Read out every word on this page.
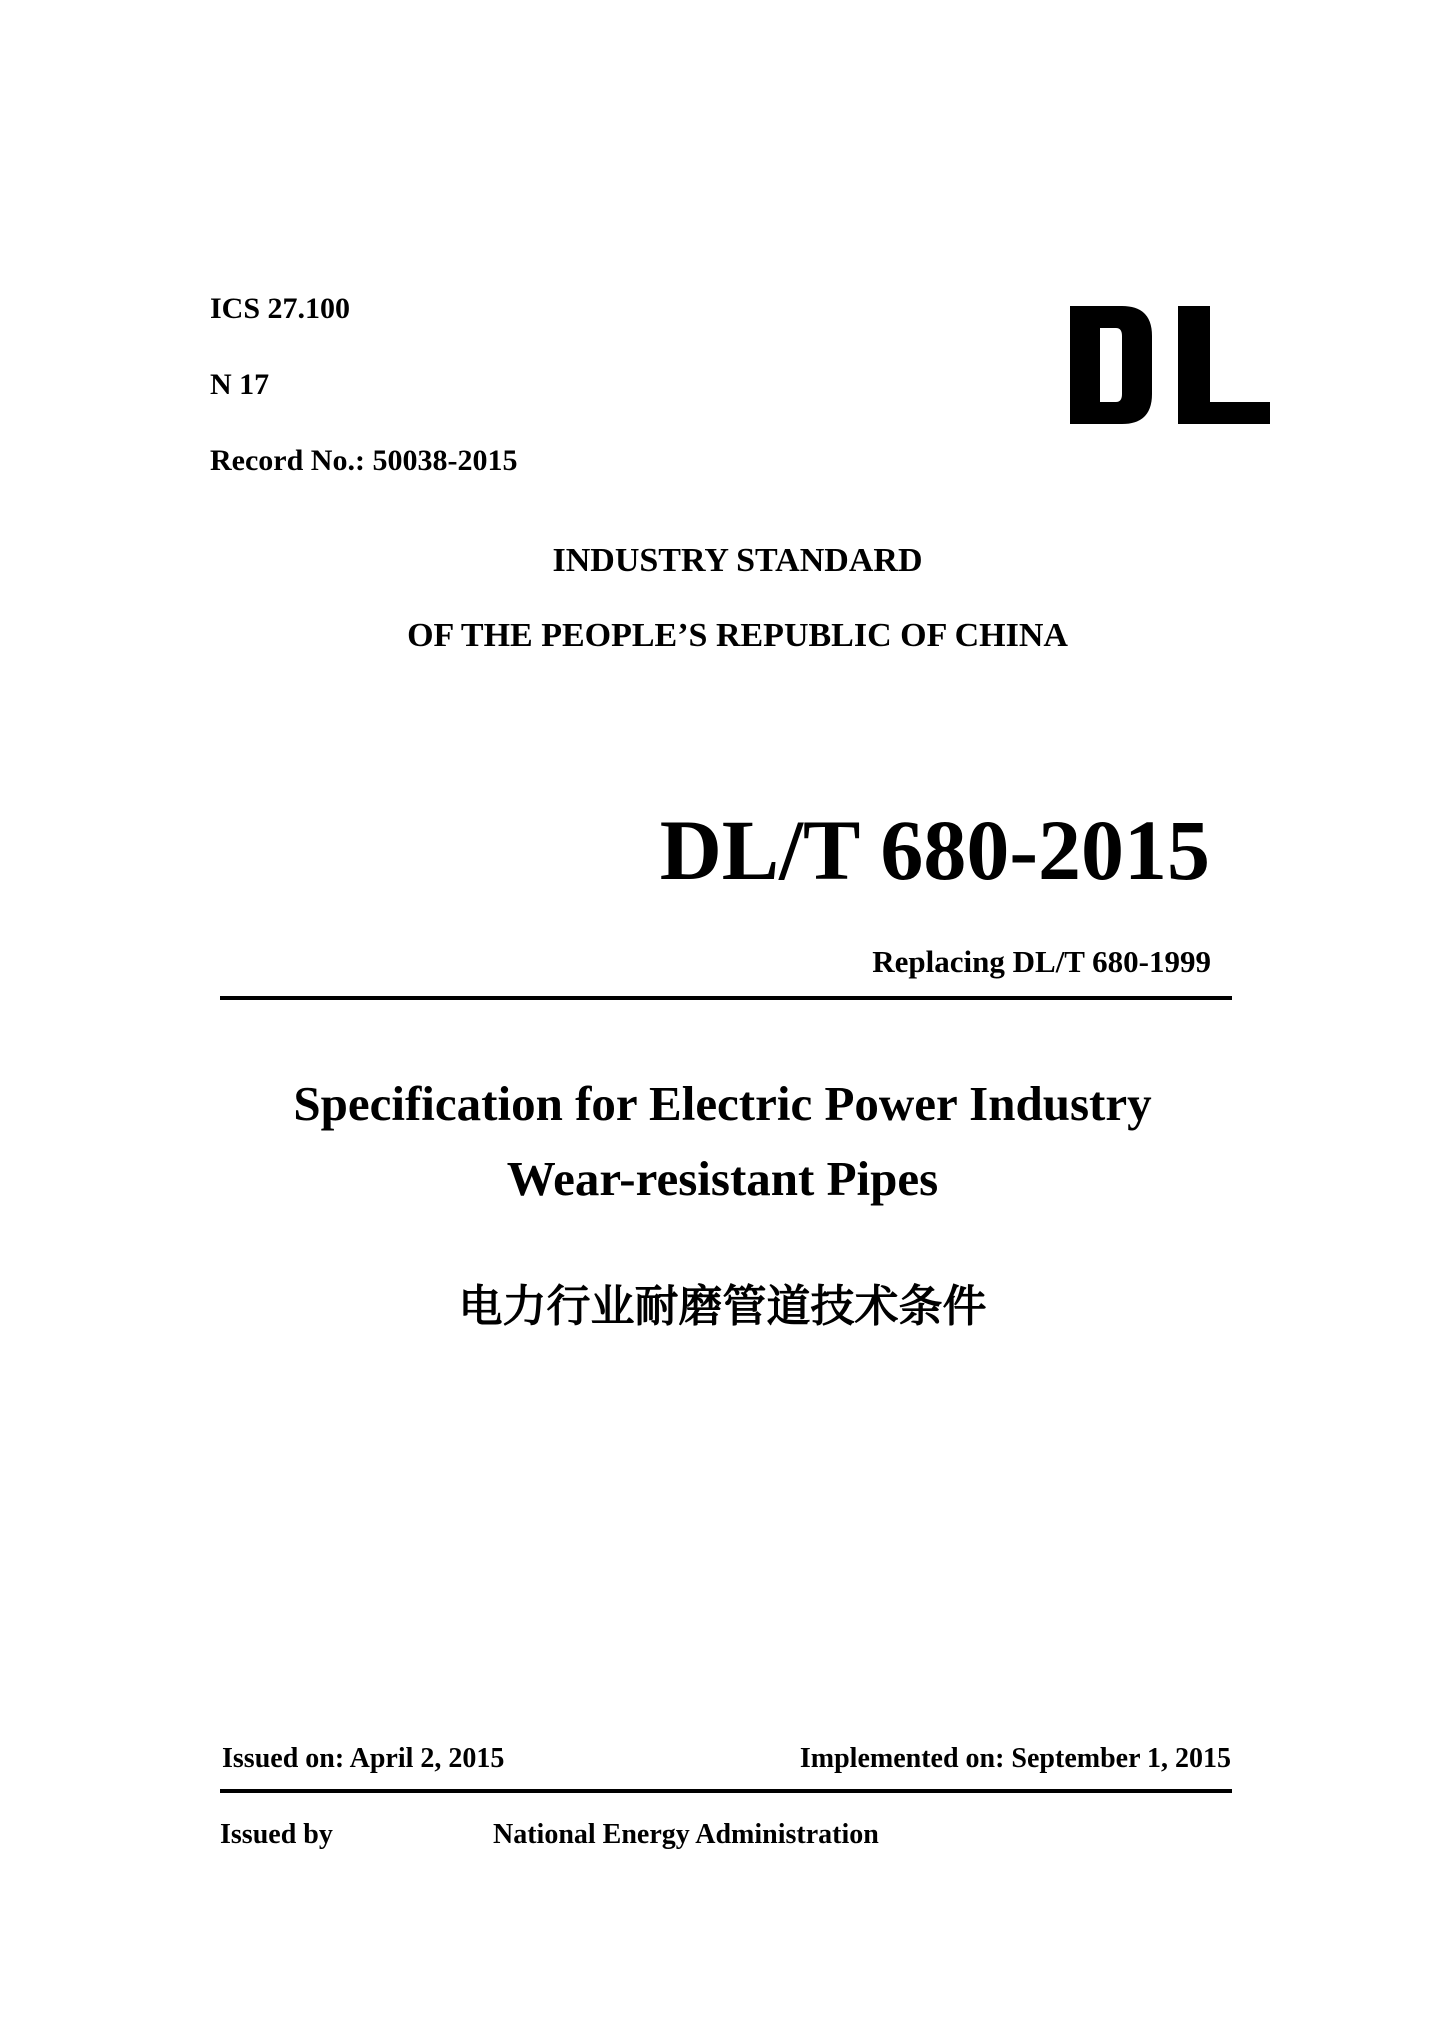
ICS 27.100
N 17
Record No.: 50038-2015
INDUSTRY STANDARD
OF THE PEOPLE’S REPUBLIC OF CHINA
DL/T 680-2015
Replacing DL/T 680-1999
Specification for Electric Power Industry
Wear-resistant Pipes
电力行业耐磨管道技术条件
Issued on: April 2, 2015	Implemented on: September 1, 2015
Issued by	National Energy Administration
